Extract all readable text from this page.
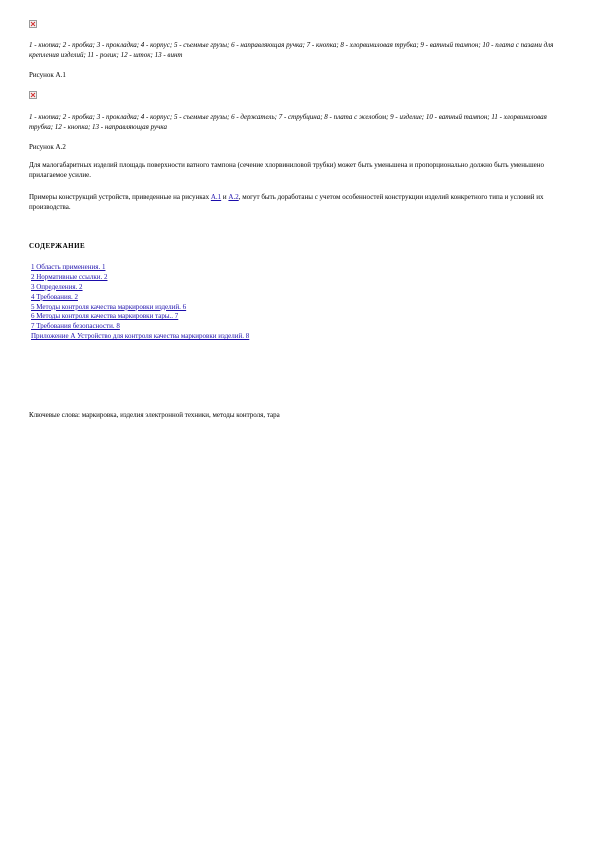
1 - кнопка; 2 - пробка; 3 - прокладка; 4 - корпус; 5 - съемные грузы; 6 - направляющая ручка; 7 - кнопка; 8 - хлорвиниловая трубка; 9 - ватный тампон; 10 - плата с пазами для крепления изделий; 11 - ролик; 12 - шток; 13 - винт

Рисунок А.1

1 - кнопка; 2 - пробка; 3 - прокладка; 4 - корпус; 5 - съемные грузы; 6 - держатель; 7 - струбцина; 8 - плата с желобом; 9 - изделие; 10 - ватный тампон; 11 - хлорвиниловая трубка; 12 - кнопка; 13 - направляющая ручка

Рисунок А.2

Для малогабаритных изделий площадь поверхности ватного тампона (сечение хлорвиниловой трубки) может быть уменьшена и пропорционально должно быть уменьшено прилагаемое усилие.

Примеры конструкций устройств, приведенные на рисунках А.1 и А.2, могут быть доработаны с учетом особенностей конструкции изделий конкретного типа и условий их производства.

СОДЕРЖАНИЕ

1 Область применения. 1
2 Нормативные ссылки. 2
3 Определения. 2
4 Требования. 2
5 Методы контроля качества маркировки изделий. 6
6 Методы контроля качества маркировки тары.. 7
7 Требования безопасности. 8
Приложение А Устройство для контроля качества маркировки изделий. 8

Ключевые слова: маркировка, изделия электронной техники, методы контроля, тара
